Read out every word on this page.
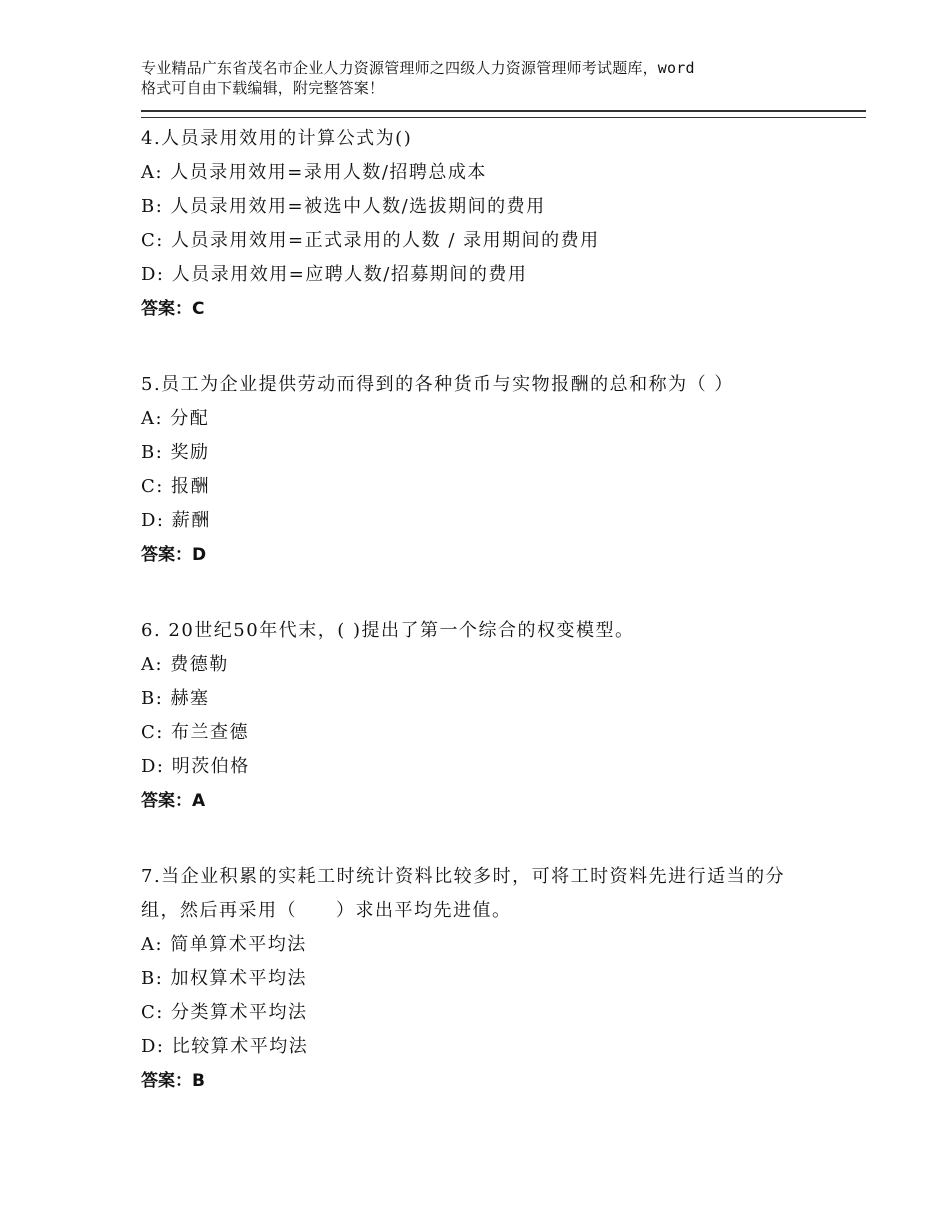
专业精品广东省茂名市企业人力资源管理师之四级人力资源管理师考试题库，word
格式可自由下载编辑，附完整答案！
4.人员录用效用的计算公式为()
A: 人员录用效用=录用人数/招聘总成本
B: 人员录用效用=被选中人数/选拔期间的费用
C: 人员录用效用=正式录用的人数 / 录用期间的费用
D: 人员录用效用=应聘人数/招募期间的费用
答案：C
5.员工为企业提供劳动而得到的各种货币与实物报酬的总和称为（ ）
A: 分配
B: 奖励
C: 报酬
D: 薪酬
答案：D
6. 20世纪50年代末，( )提出了第一个综合的权变模型。
A: 费德勒
B: 赫塞
C: 布兰查德
D: 明茨伯格
答案：A
7.当企业积累的实耗工时统计资料比较多时，可将工时资料先进行适当的分组，然后再采用（　　）求出平均先进值。
A: 简单算术平均法
B: 加权算术平均法
C: 分类算术平均法
D: 比较算术平均法
答案：B
